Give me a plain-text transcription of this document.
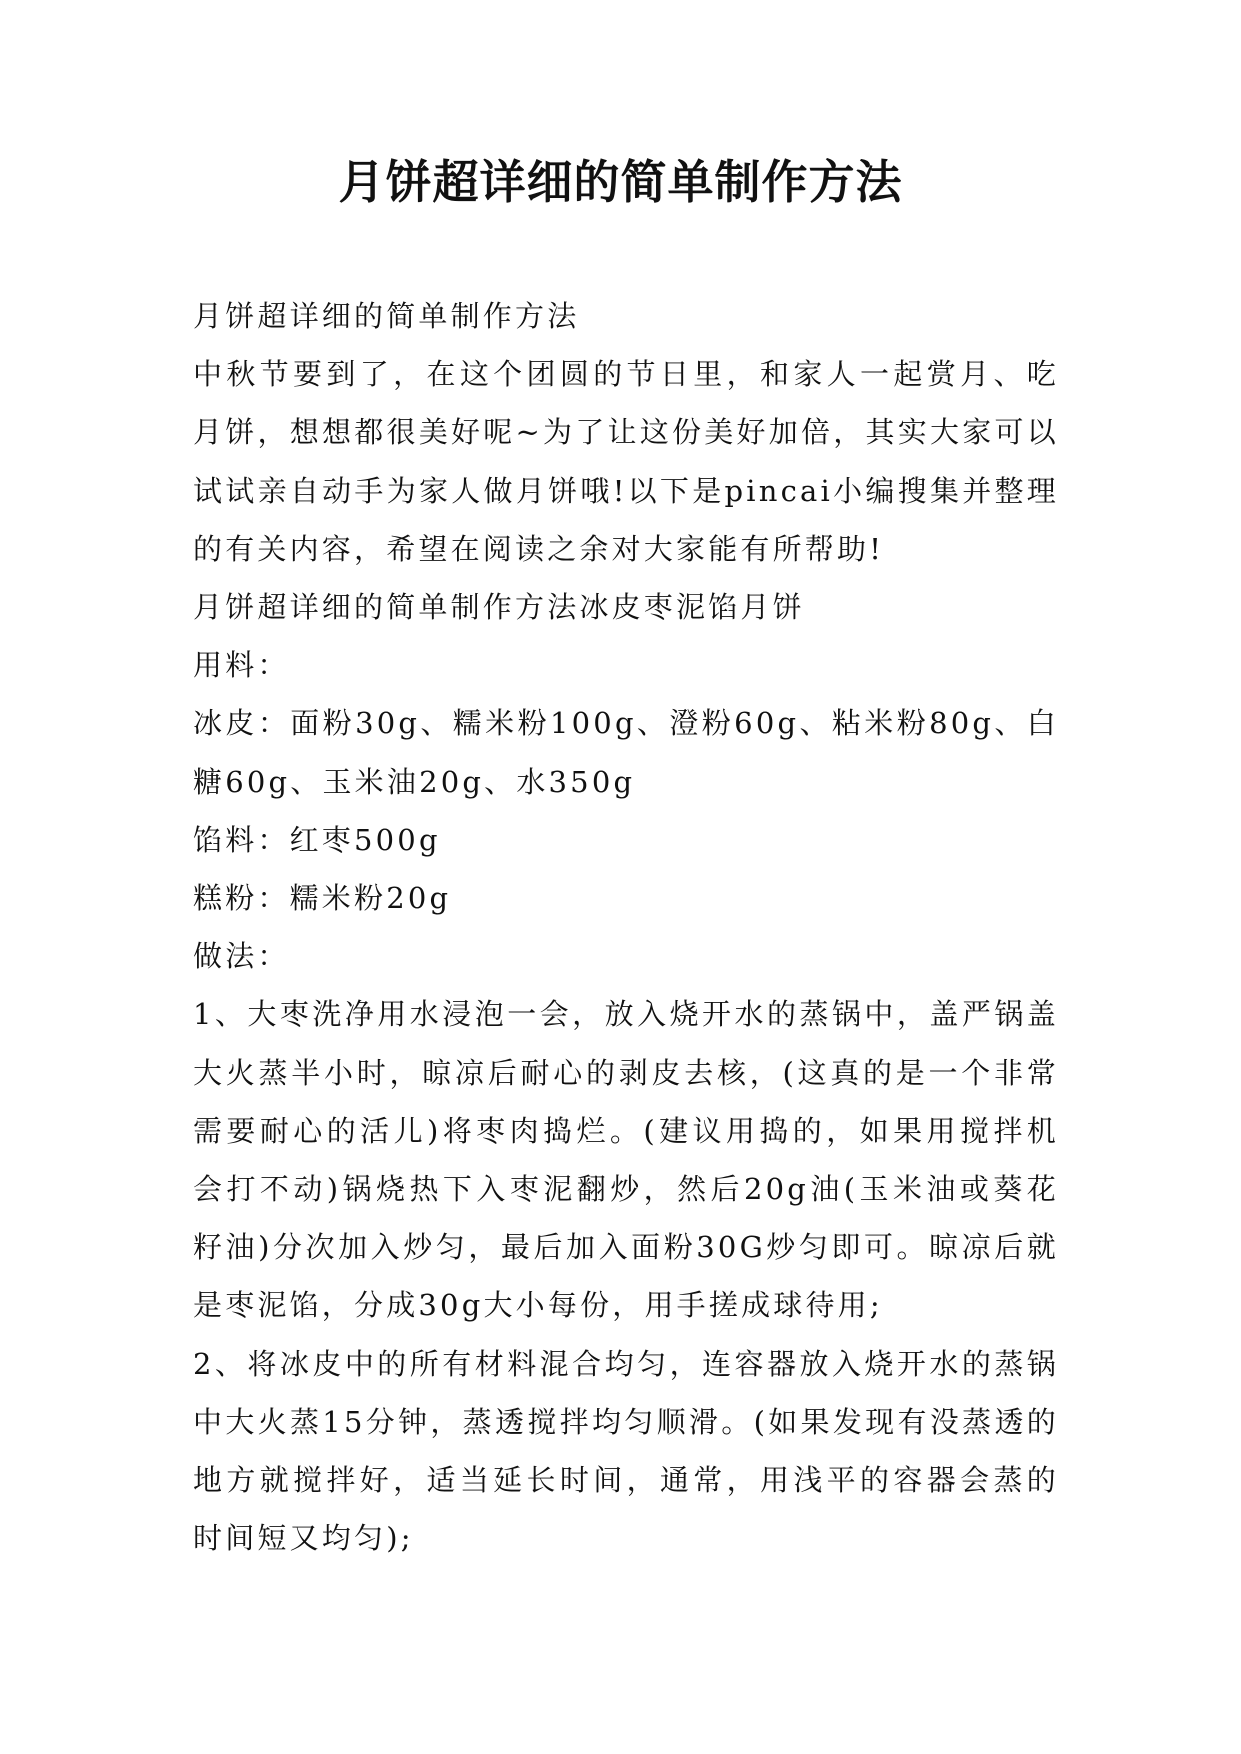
月饼超详细的简单制作方法

月饼超详细的简单制作方法

中秋节要到了，在这个团圆的节日里，和家人一起赏月、吃月饼，想想都很美好呢~为了让这份美好加倍，其实大家可以试试亲自动手为家人做月饼哦!以下是pincai小编搜集并整理的有关内容，希望在阅读之余对大家能有所帮助!

月饼超详细的简单制作方法冰皮枣泥馅月饼

用料：

冰皮：面粉30g、糯米粉100g、澄粉60g、粘米粉80g、白糖60g、玉米油20g、水350g

馅料：红枣500g

糕粉：糯米粉20g

做法：

1、大枣洗净用水浸泡一会，放入烧开水的蒸锅中，盖严锅盖大火蒸半小时，晾凉后耐心的剥皮去核，(这真的是一个非常需要耐心的活儿)将枣肉捣烂。(建议用捣的，如果用搅拌机会打不动)锅烧热下入枣泥翻炒，然后20g油(玉米油或葵花籽油)分次加入炒匀，最后加入面粉30G炒匀即可。晾凉后就是枣泥馅，分成30g大小每份，用手搓成球待用;

2、将冰皮中的所有材料混合均匀，连容器放入烧开水的蒸锅中大火蒸15分钟，蒸透搅拌均匀顺滑。(如果发现有没蒸透的地方就搅拌好，适当延长时间，通常，用浅平的容器会蒸的时间短又均匀);
